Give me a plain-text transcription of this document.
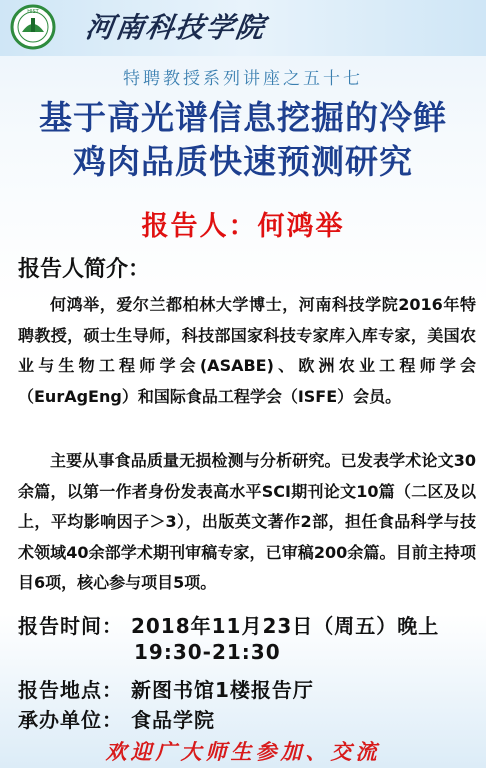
HIST 河南科技学院
特聘教授系列讲座之五十七
基于高光谱信息挖掘的冷鲜
鸡肉品质快速预测研究
报告人：何鸿举
报告人简介：
何鸿举，爱尔兰都柏林大学博士，河南科技学院2016年特聘教授，硕士生导师，科技部国家科技专家库入库专家，美国农业与生物工程师学会(ASABE)、欧洲农业工程师学会（EurAgEng）和国际食品工程学会（ISFE）会员。
主要从事食品质量无损检测与分析研究。已发表学术论文30余篇，以第一作者身份发表高水平SCI期刊论文10篇（二区及以上，平均影响因子＞3），出版英文著作2部，担任食品科学与技术领域40余部学术期刊审稿专家，已审稿200余篇。目前主持项目6项，核心参与项目5项。
报告时间： 2018年11月23日（周五）晚上
19:30-21:30
报告地点： 新图书馆1楼报告厅
承办单位： 食品学院
欢迎广大师生参加、交流
